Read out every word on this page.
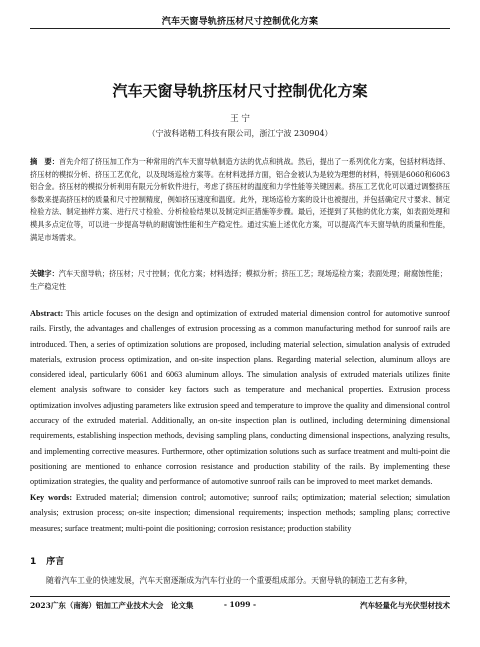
汽车天窗导轨挤压材尺寸控制优化方案
汽车天窗导轨挤压材尺寸控制优化方案
王 宁
（宁波科诺精工科技有限公司，浙江宁波 230904）
摘　要：首先介绍了挤压加工作为一种常用的汽车天窗导轨制造方法的优点和挑战。然后，提出了一系列优化方案，包括材料选择、挤压材的模拟分析、挤压工艺优化，以及现场巡检方案等。在材料选择方面，铝合金被认为是较为理想的材料，特别是6060和6063铝合金。挤压材的模拟分析利用有限元分析软件进行，考虑了挤压材的温度和力学性能等关键因素。挤压工艺优化可以通过调整挤压参数来提高挤压材的质量和尺寸控制精度，例如挤压速度和温度。此外，现场巡检方案的设计也被提出，并包括确定尺寸要求、制定检验方法、制定抽样方案、进行尺寸检验、分析检验结果以及制定纠正措施等步骤。最后，还提到了其他的优化方案，如表面处理和模具多点定位等，可以进一步提高导轨的耐腐蚀性能和生产稳定性。通过实施上述优化方案，可以提高汽车天窗导轨的质量和性能，满足市场需求。
关键字：汽车天窗导轨；挤压材；尺寸控制；优化方案；材料选择；模拟分析；挤压工艺；现场巡检方案；表面处理；耐腐蚀性能；生产稳定性
Abstract: This article focuses on the design and optimization of extruded material dimension control for automotive sunroof rails. Firstly, the advantages and challenges of extrusion processing as a common manufacturing method for sunroof rails are introduced. Then, a series of optimization solutions are proposed, including material selection, simulation analysis of extruded materials, extrusion process optimization, and on-site inspection plans. Regarding material selection, aluminum alloys are considered ideal, particularly 6061 and 6063 aluminum alloys. The simulation analysis of extruded materials utilizes finite element analysis software to consider key factors such as temperature and mechanical properties. Extrusion process optimization involves adjusting parameters like extrusion speed and temperature to improve the quality and dimensional control accuracy of the extruded material. Additionally, an on-site inspection plan is outlined, including determining dimensional requirements, establishing inspection methods, devising sampling plans, conducting dimensional inspections, analyzing results, and implementing corrective measures. Furthermore, other optimization solutions such as surface treatment and multi-point die positioning are mentioned to enhance corrosion resistance and production stability of the rails. By implementing these optimization strategies, the quality and performance of automotive sunroof rails can be improved to meet market demands.
Key words: Extruded material; dimension control; automotive; sunroof rails; optimization; material selection; simulation analysis; extrusion process; on-site inspection; dimensional requirements; inspection methods; sampling plans; corrective measures; surface treatment; multi-point die positioning; corrosion resistance; production stability
1 序言
随着汽车工业的快速发展，汽车天窗逐渐成为汽车行业的一个重要组成部分。天窗导轨的制造工艺有多种，
2023广东（南海）铝加工产业技术大会　论文集	- 1099 -	汽车轻量化与光伏型材技术
